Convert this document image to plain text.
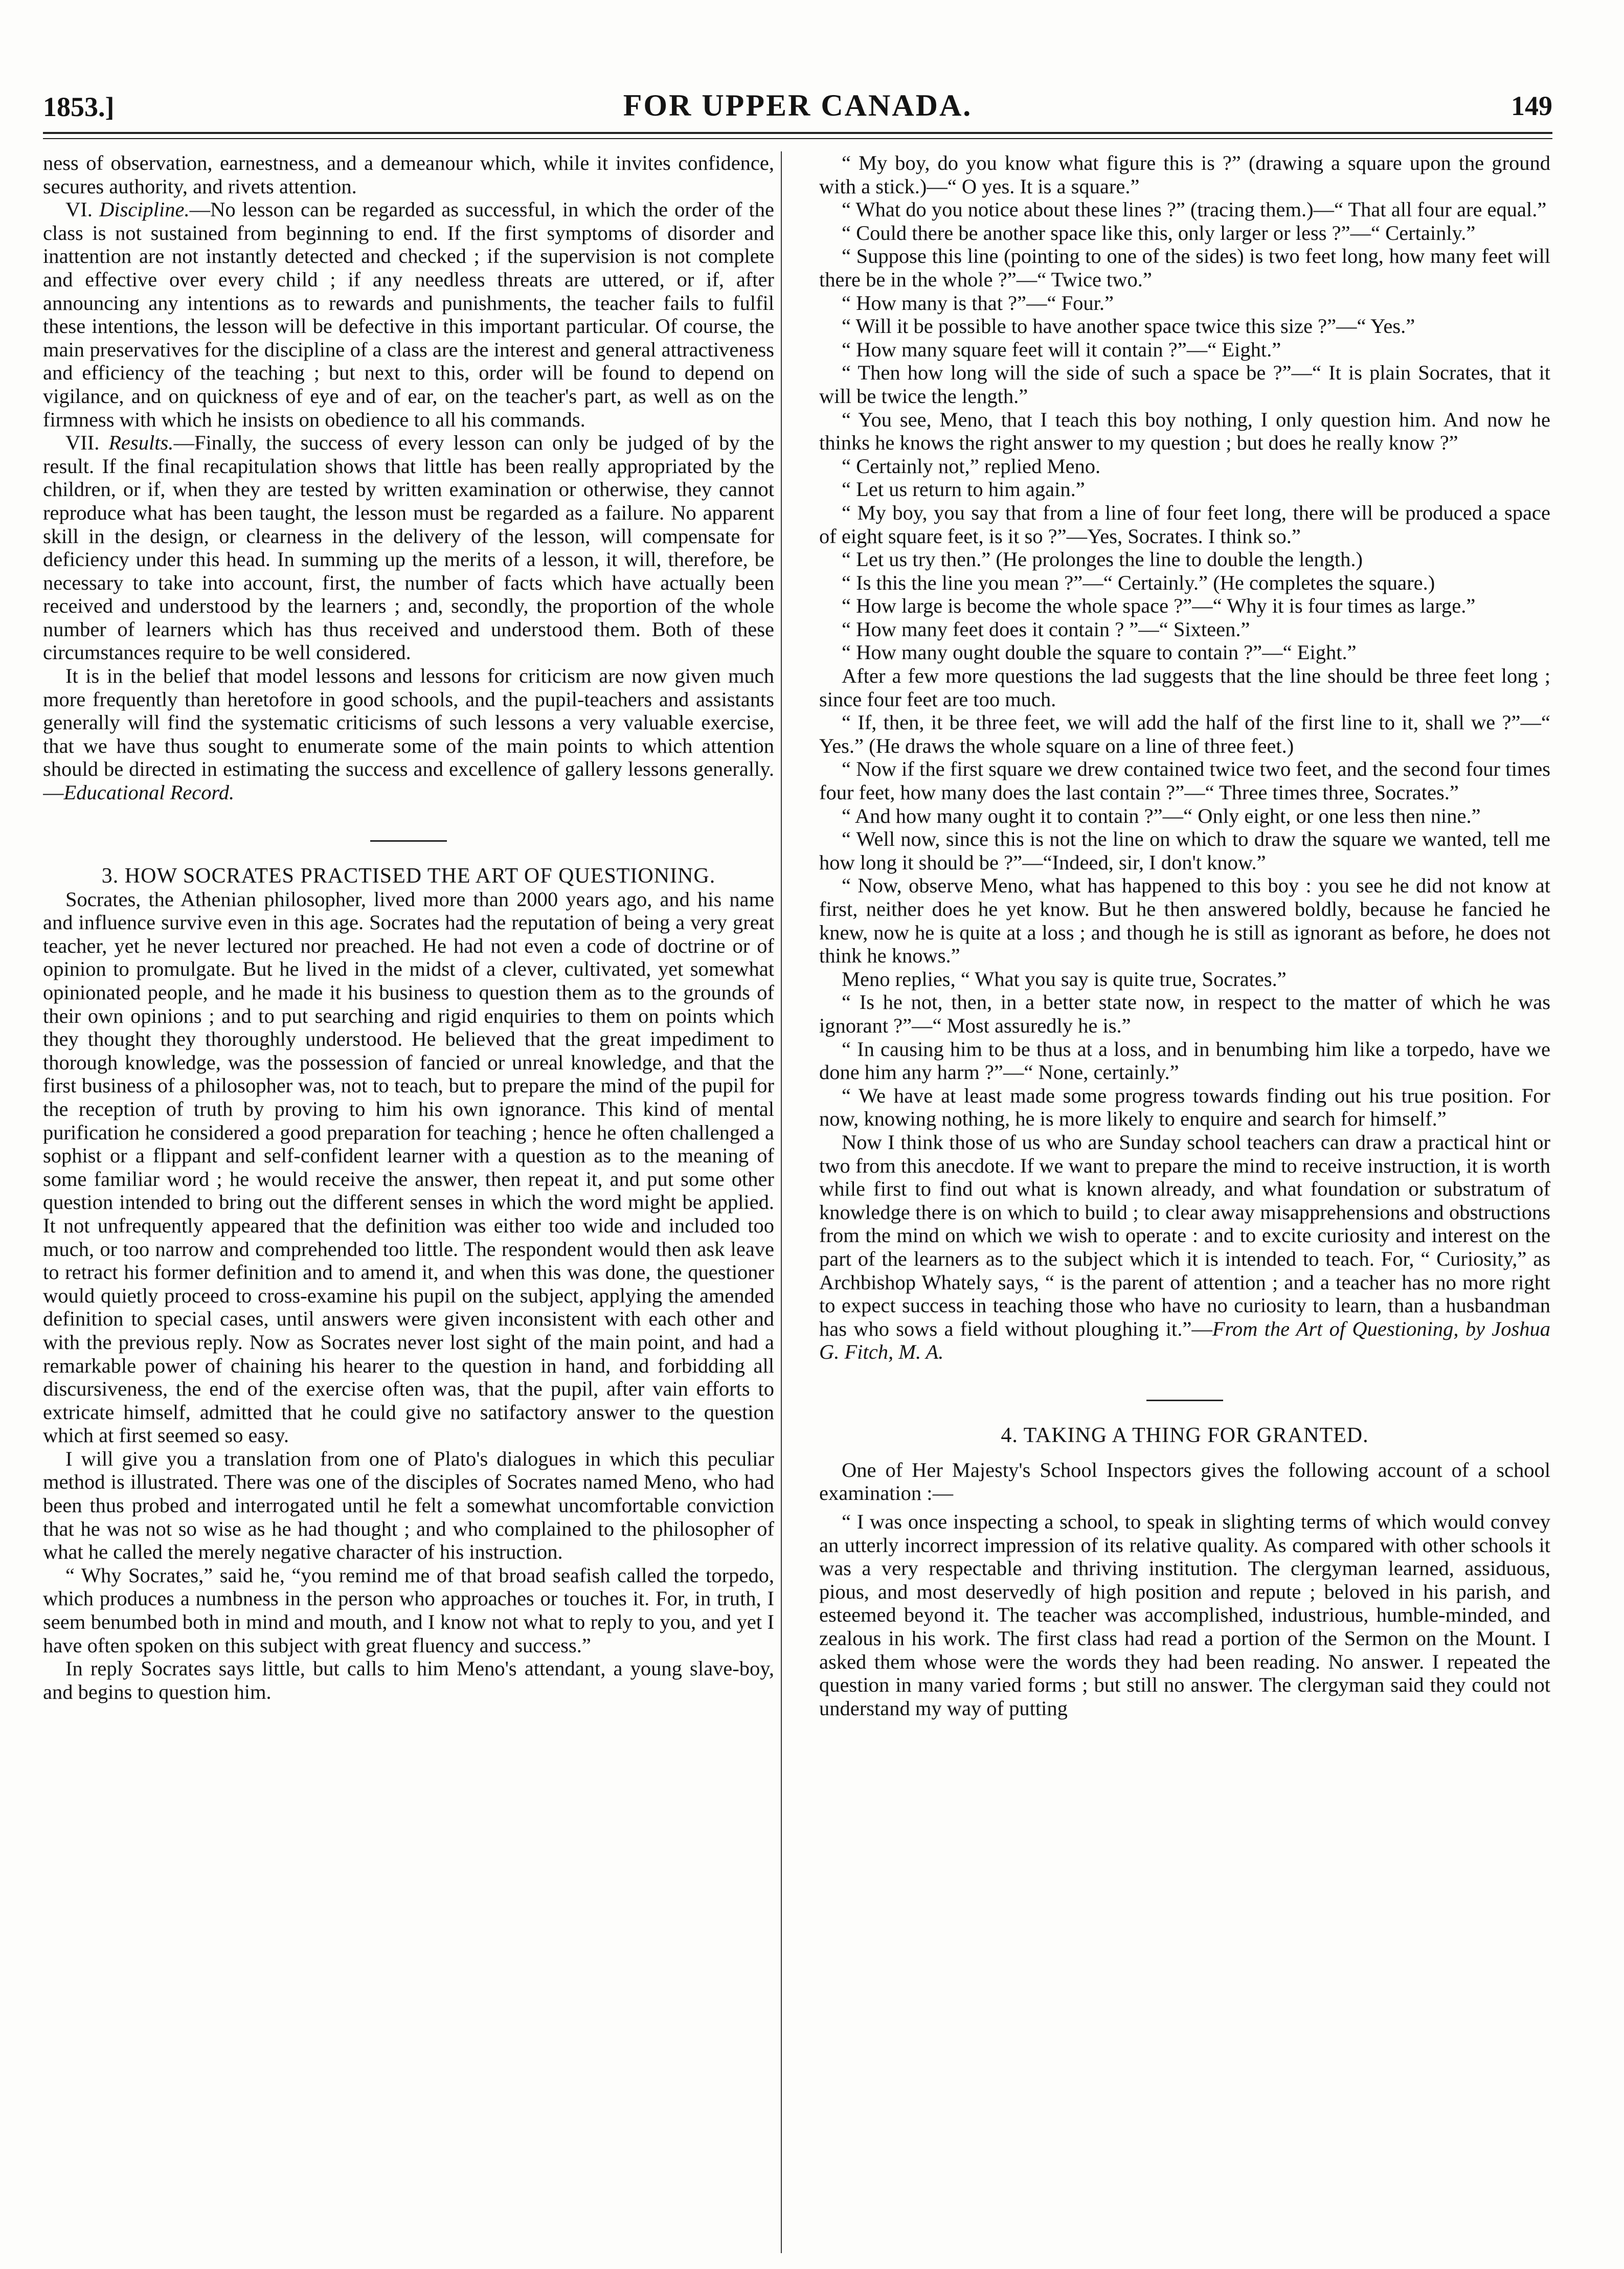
1853.]	FOR UPPER CANADA.	149

ness of observation, earnestness, and a demeanour which, while it invites confidence, secures authority, and rivets attention.

VI. Discipline.—No lesson can be regarded as successful, in which the order of the class is not sustained from beginning to end. If the first symptoms of disorder and inattention are not instantly detected and checked ; if the supervision is not complete and effective over every child ; if any needless threats are uttered, or if, after announcing any intentions as to rewards and punishments, the teacher fails to fulfil these intentions, the lesson will be defective in this important particular. Of course, the main preservatives for the discipline of a class are the interest and general attractiveness and efficiency of the teaching ; but next to this, order will be found to depend on vigilance, and on quickness of eye and of ear, on the teacher's part, as well as on the firmness with which he insists on obedience to all his commands.

VII. Results.—Finally, the success of every lesson can only be judged of by the result. If the final recapitulation shows that little has been really appropriated by the children, or if, when they are tested by written examination or otherwise, they cannot reproduce what has been taught, the lesson must be regarded as a failure. No apparent skill in the design, or clearness in the delivery of the lesson, will compensate for deficiency under this head. In summing up the merits of a lesson, it will, therefore, be necessary to take into account, first, the number of facts which have actually been received and understood by the learners ; and, secondly, the proportion of the whole number of learners which has thus received and understood them. Both of these circumstances require to be well considered.

It is in the belief that model lessons and lessons for criticism are now given much more frequently than heretofore in good schools, and the pupil-teachers and assistants generally will find the systematic criticisms of such lessons a very valuable exercise, that we have thus sought to enumerate some of the main points to which attention should be directed in estimating the success and excellence of gallery lessons generally.—Educational Record.

3. HOW SOCRATES PRACTISED THE ART OF QUESTIONING.

Socrates, the Athenian philosopher, lived more than 2000 years ago, and his name and influence survive even in this age. Socrates had the reputation of being a very great teacher, yet he never lectured nor preached. He had not even a code of doctrine or of opinion to promulgate. But he lived in the midst of a clever, cultivated, yet somewhat opinionated people, and he made it his business to question them as to the grounds of their own opinions ; and to put searching and rigid enquiries to them on points which they thought they thoroughly understood. He believed that the great impediment to thorough knowledge, was the possession of fancied or unreal knowledge, and that the first business of a philosopher was, not to teach, but to prepare the mind of the pupil for the reception of truth by proving to him his own ignorance. This kind of mental purification he considered a good preparation for teaching ; hence he often challenged a sophist or a flippant and self-confident learner with a question as to the meaning of some familiar word ; he would receive the answer, then repeat it, and put some other question intended to bring out the different senses in which the word might be applied. It not unfrequently appeared that the definition was either too wide and included too much, or too narrow and comprehended too little. The respondent would then ask leave to retract his former definition and to amend it, and when this was done, the questioner would quietly proceed to cross-examine his pupil on the subject, applying the amended definition to special cases, until answers were given inconsistent with each other and with the previous reply. Now as Socrates never lost sight of the main point, and had a remarkable power of chaining his hearer to the question in hand, and forbidding all discursiveness, the end of the exercise often was, that the pupil, after vain efforts to extricate himself, admitted that he could give no satifactory answer to the question which at first seemed so easy.

I will give you a translation from one of Plato's dialogues in which this peculiar method is illustrated. There was one of the disciples of Socrates named Meno, who had been thus probed and interrogated until he felt a somewhat uncomfortable conviction that he was not so wise as he had thought ; and who complained to the philosopher of what he called the merely negative character of his instruction.

“ Why Socrates,” said he, “you remind me of that broad seafish called the torpedo, which produces a numbness in the person who approaches or touches it. For, in truth, I seem benumbed both in mind and mouth, and I know not what to reply to you, and yet I have often spoken on this subject with great fluency and success.”

In reply Socrates says little, but calls to him Meno's attendant, a young slave-boy, and begins to question him.

“ My boy, do you know what figure this is ?” (drawing a square upon the ground with a stick.)—“ O yes. It is a square.”

“ What do you notice about these lines ?” (tracing them.)—“ That all four are equal.”

“ Could there be another space like this, only larger or less ?”—“ Certainly.”

“ Suppose this line (pointing to one of the sides) is two feet long, how many feet will there be in the whole ?”—“ Twice two.”

“ How many is that ?”—“ Four.”

“ Will it be possible to have another space twice this size ?”—“ Yes.”

“ How many square feet will it contain ?”—“ Eight.”

“ Then how long will the side of such a space be ?”—“ It is plain Socrates, that it will be twice the length.”

“ You see, Meno, that I teach this boy nothing, I only question him. And now he thinks he knows the right answer to my question ; but does he really know ?”

“ Certainly not,” replied Meno.

“ Let us return to him again.”

“ My boy, you say that from a line of four feet long, there will be produced a space of eight square feet, is it so ?”—Yes, Socrates. I think so.”

“ Let us try then.” (He prolonges the line to double the length.)

“ Is this the line you mean ?”—“ Certainly.” (He completes the square.)

“ How large is become the whole space ?”—“ Why it is four times as large.”

“ How many feet does it contain ? ”—“ Sixteen.”

“ How many ought double the square to contain ?”—“ Eight.”

After a few more questions the lad suggests that the line should be three feet long ; since four feet are too much.

“ If, then, it be three feet, we will add the half of the first line to it, shall we ?”—“ Yes.” (He draws the whole square on a line of three feet.)

“ Now if the first square we drew contained twice two feet, and the second four times four feet, how many does the last contain ?”—“ Three times three, Socrates.”

“ And how many ought it to contain ?”—“ Only eight, or one less then nine.”

“ Well now, since this is not the line on which to draw the square we wanted, tell me how long it should be ?”—“Indeed, sir, I don't know.”

“ Now, observe Meno, what has happened to this boy : you see he did not know at first, neither does he yet know. But he then answered boldly, because he fancied he knew, now he is quite at a loss ; and though he is still as ignorant as before, he does not think he knows.”

Meno replies, “ What you say is quite true, Socrates.”

“ Is he not, then, in a better state now, in respect to the matter of which he was ignorant ?”—“ Most assuredly he is.”

“ In causing him to be thus at a loss, and in benumbing him like a torpedo, have we done him any harm ?”—“ None, certainly.”

“ We have at least made some progress towards finding out his true position. For now, knowing nothing, he is more likely to enquire and search for himself.”

Now I think those of us who are Sunday school teachers can draw a practical hint or two from this anecdote. If we want to prepare the mind to receive instruction, it is worth while first to find out what is known already, and what foundation or substratum of knowledge there is on which to build ; to clear away misapprehensions and obstructions from the mind on which we wish to operate : and to excite curiosity and interest on the part of the learners as to the subject which it is intended to teach. For, “ Curiosity,” as Archbishop Whately says, “ is the parent of attention ; and a teacher has no more right to expect success in teaching those who have no curiosity to learn, than a husbandman has who sows a field without ploughing it.”—From the Art of Questioning, by Joshua G. Fitch, M. A.

4. TAKING A THING FOR GRANTED.

One of Her Majesty's School Inspectors gives the following account of a school examination :—

“ I was once inspecting a school, to speak in slighting terms of which would convey an utterly incorrect impression of its relative quality. As compared with other schools it was a very respectable and thriving institution. The clergyman learned, assiduous, pious, and most deservedly of high position and repute ; beloved in his parish, and esteemed beyond it. The teacher was accomplished, industrious, humble-minded, and zealous in his work. The first class had read a portion of the Sermon on the Mount. I asked them whose were the words they had been reading. No answer. I repeated the question in many varied forms ; but still no answer. The clergyman said they could not understand my way of putting
